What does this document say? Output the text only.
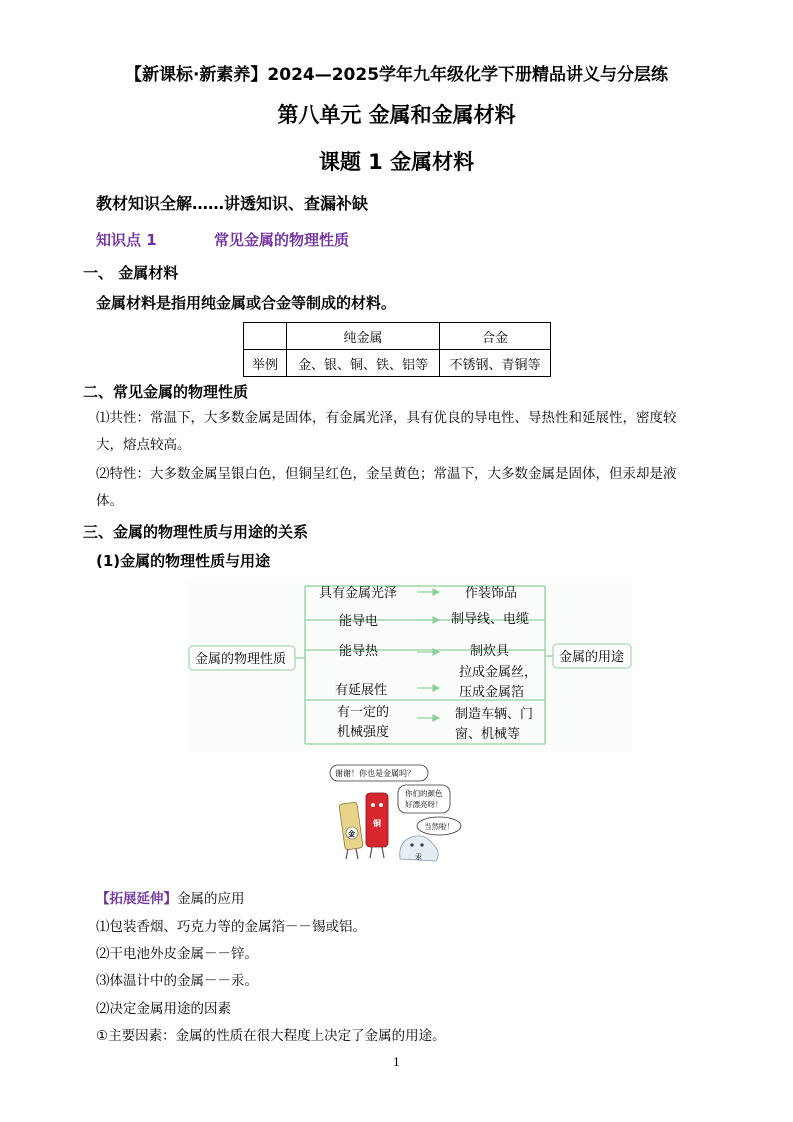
【新课标·新素养】2024—2025学年九年级化学下册精品讲义与分层练
第八单元 金属和金属材料
课题 1 金属材料
教材知识全解……讲透知识、查漏补缺
知识点 1	常见金属的物理性质
一、 金属材料
金属材料是指用纯金属或合金等制成的材料。
	纯金属	合金
举例	金、银、铜、铁、铝等	不锈钢、青铜等
二、常见金属的物理性质
⑴共性：常温下，大多数金属是固体，有金属光泽，具有优良的导电性、导热性和延展性，密度较
大，熔点较高。
⑵特性：大多数金属呈银白色，但铜呈红色，金呈黄色；常温下，大多数金属是固体，但汞却是液
体。
三、金属的物理性质与用途的关系
(1)金属的物理性质与用途
金属的物理性质	金属的用途
具有金属光泽
能导电
能导热
有延展性
有一定的
机械强度
作装饰品
制导线、电缆
制炊具
拉成金属丝，
压成金属箔
制造车辆、门
窗、机械等
谢谢！你也是金属吗？
你们的颜色
好漂亮呀！
当然啦！
金
铜
汞
【拓展延伸】金属的应用
⑴包装香烟、巧克力等的金属箔－－锡或铝。
⑵干电池外皮金属－－锌。
⑶体温计中的金属－－汞。
⑵决定金属用途的因素
①主要因素：金属的性质在很大程度上决定了金属的用途。
1
